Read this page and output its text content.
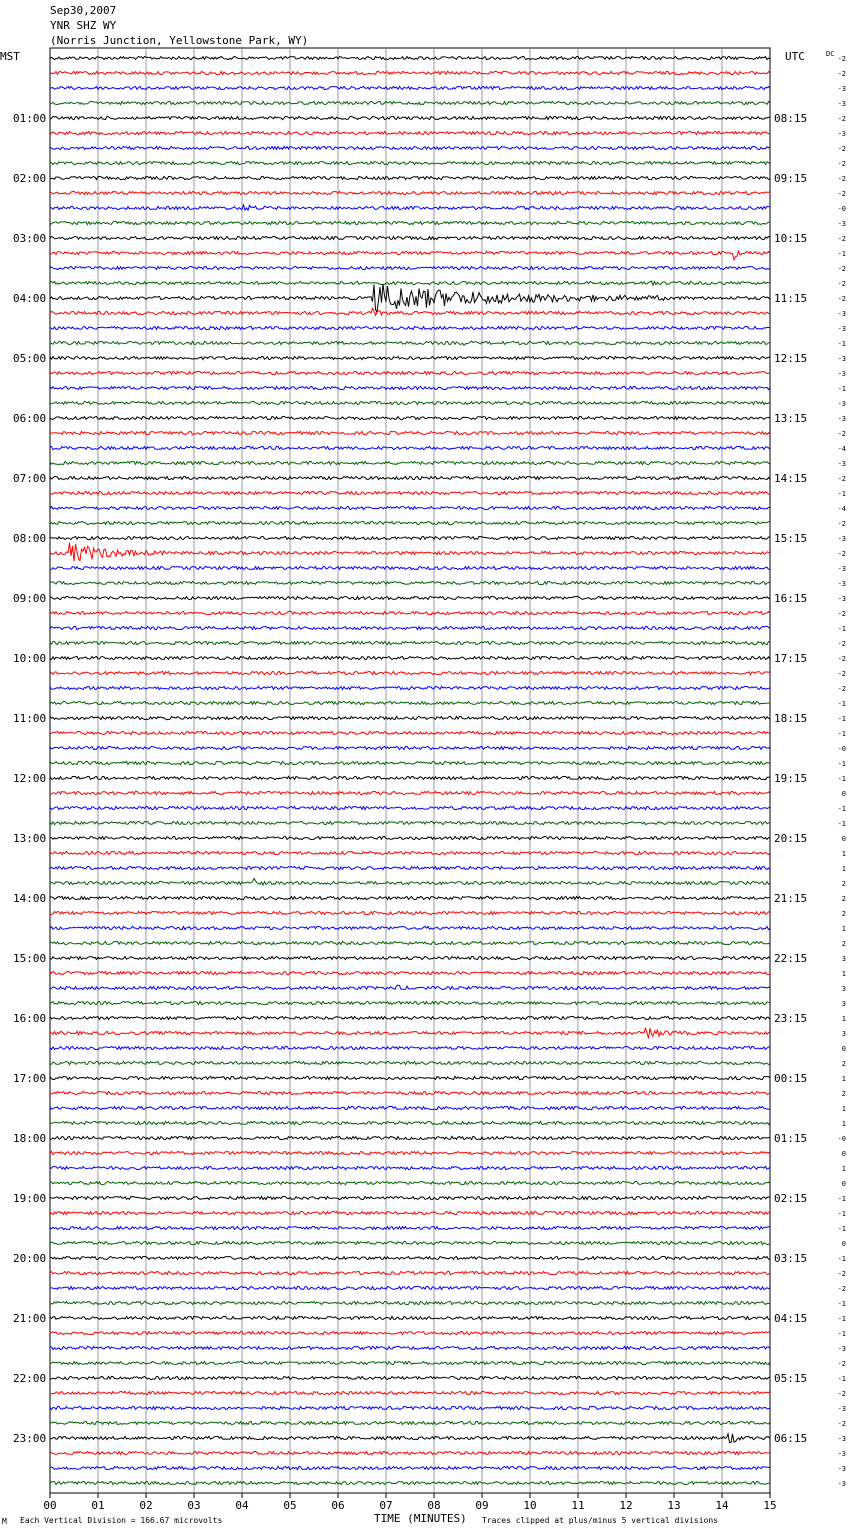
Sep30,2007
YNR SHZ WY
(Norris Junction, Yellowstone Park, WY)
MST	UTC	DC
01:00
02:00
03:00
04:00
05:00
06:00
07:00
08:00
09:00
10:00
11:00
12:00
13:00
14:00
15:00
16:00
17:00
18:00
19:00
20:00
21:00
22:00
23:00
08:15
09:15
10:15
11:15
12:15
13:15
14:15
15:15
16:15
17:15
18:15
19:15
20:15
21:15
22:15
23:15
00:15
01:15
02:15
03:15
04:15
05:15
06:15
-2
-2
-3
-3
-2
-3
-2
-2
-2
-2
-0
-3
-2
-1
-2
-2
-2
-3
-3
-1
-3
-3
-1
-3
-3
-2
-4
-3
-2
-1
-4
-2
-3
-2
-3
-3
-3
-2
-1
-2
-2
-2
-2
-1
-1
-1
-0
-1
-1
0
-1
-1
0
1
1
2
2
2
1
2
3
1
3
3
1
3
0
2
1
2
1
1
-0
0
1
0
-1
-1
-1
0
-1
-2
-2
-1
-1
-1
-3
-2
-1
-2
-3
-2
-3
-3
-3
-3
00	01	02	03	04	05	06	07	08	09	10	11	12	13	14	15
TIME (MINUTES)
M Each Vertical Division = 166.67 microvolts	Traces clipped at plus/minus 5 vertical divisions
